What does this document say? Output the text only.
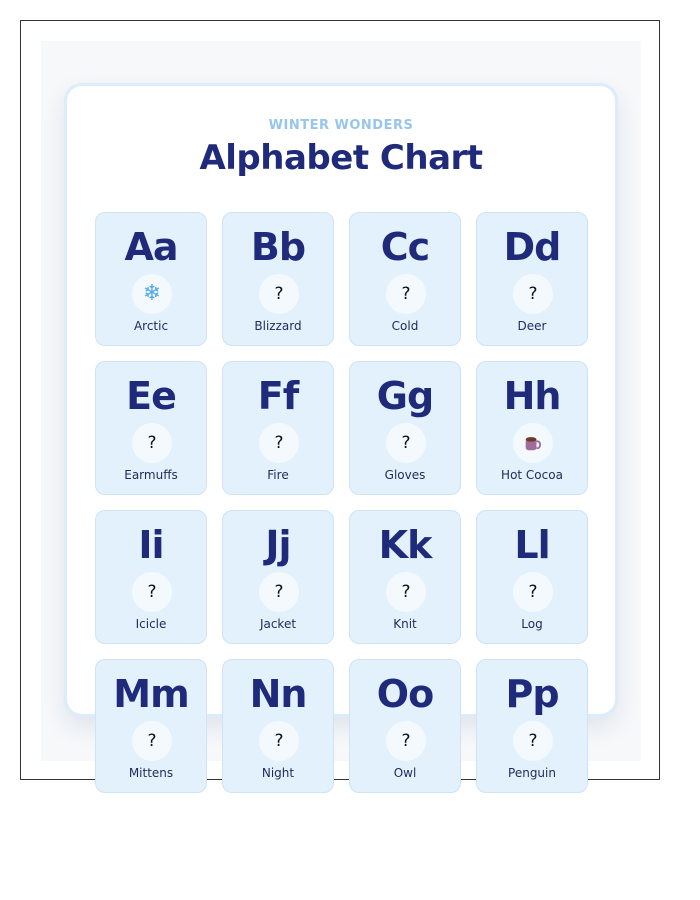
WINTER WONDERS
Alphabet Chart
Aa
❄
Arctic
Bb
?
Blizzard
Cc
?
Cold
Dd
?
Deer
Ee
?
Earmuffs
Ff
?
Fire
Gg
?
Gloves
Hh
Hot Cocoa
Ii
?
Icicle
Jj
?
Jacket
Kk
?
Knit
Ll
?
Log
Mm
?
Mittens
Nn
?
Night
Oo
?
Owl
Pp
?
Penguin
